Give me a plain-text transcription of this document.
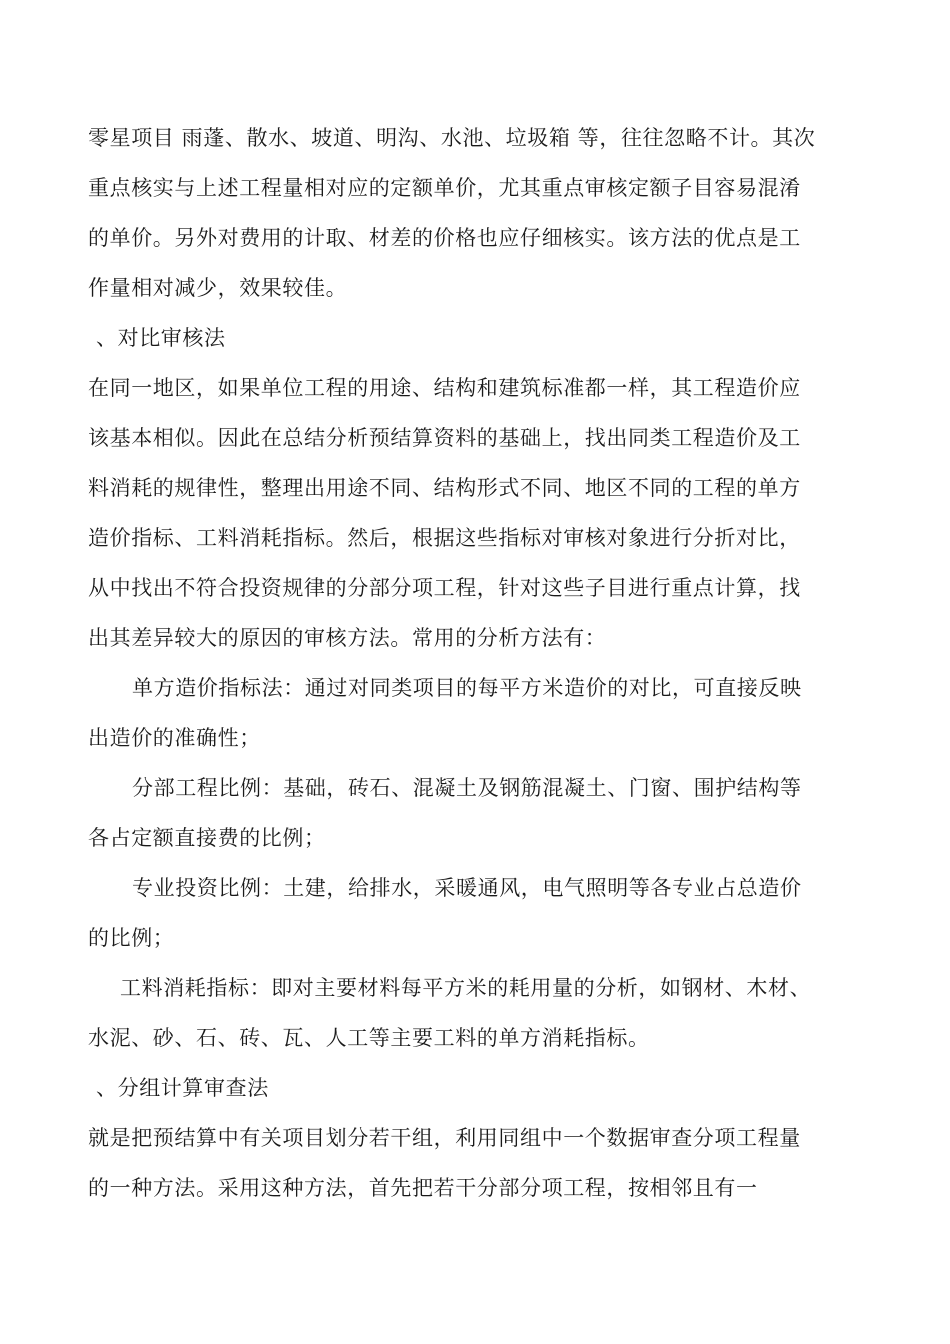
零星项目 雨蓬、散水、坡道、明沟、水池、垃圾箱 等，往往忽略不计。其次重点核实与上述工程量相对应的定额单价，尤其重点审核定额子目容易混淆的单价。另外对费用的计取、材差的价格也应仔细核实。该方法的优点是工作量相对减少，效果较佳。

、对比审核法

在同一地区，如果单位工程的用途、结构和建筑标准都一样，其工程造价应该基本相似。因此在总结分析预结算资料的基础上，找出同类工程造价及工料消耗的规律性，整理出用途不同、结构形式不同、地区不同的工程的单方造价指标、工料消耗指标。然后，根据这些指标对审核对象进行分折对比，从中找出不符合投资规律的分部分项工程，针对这些子目进行重点计算，找出其差异较大的原因的审核方法。常用的分析方法有：

单方造价指标法：通过对同类项目的每平方米造价的对比，可直接反映出造价的准确性；

分部工程比例：基础，砖石、混凝土及钢筋混凝土、门窗、围护结构等各占定额直接费的比例；

专业投资比例：土建，给排水，采暖通风，电气照明等各专业占总造价的比例；

工料消耗指标：即对主要材料每平方米的耗用量的分析，如钢材、木材、水泥、砂、石、砖、瓦、人工等主要工料的单方消耗指标。

、分组计算审查法

就是把预结算中有关项目划分若干组，利用同组中一个数据审查分项工程量的一种方法。采用这种方法，首先把若干分部分项工程，按相邻且有一
